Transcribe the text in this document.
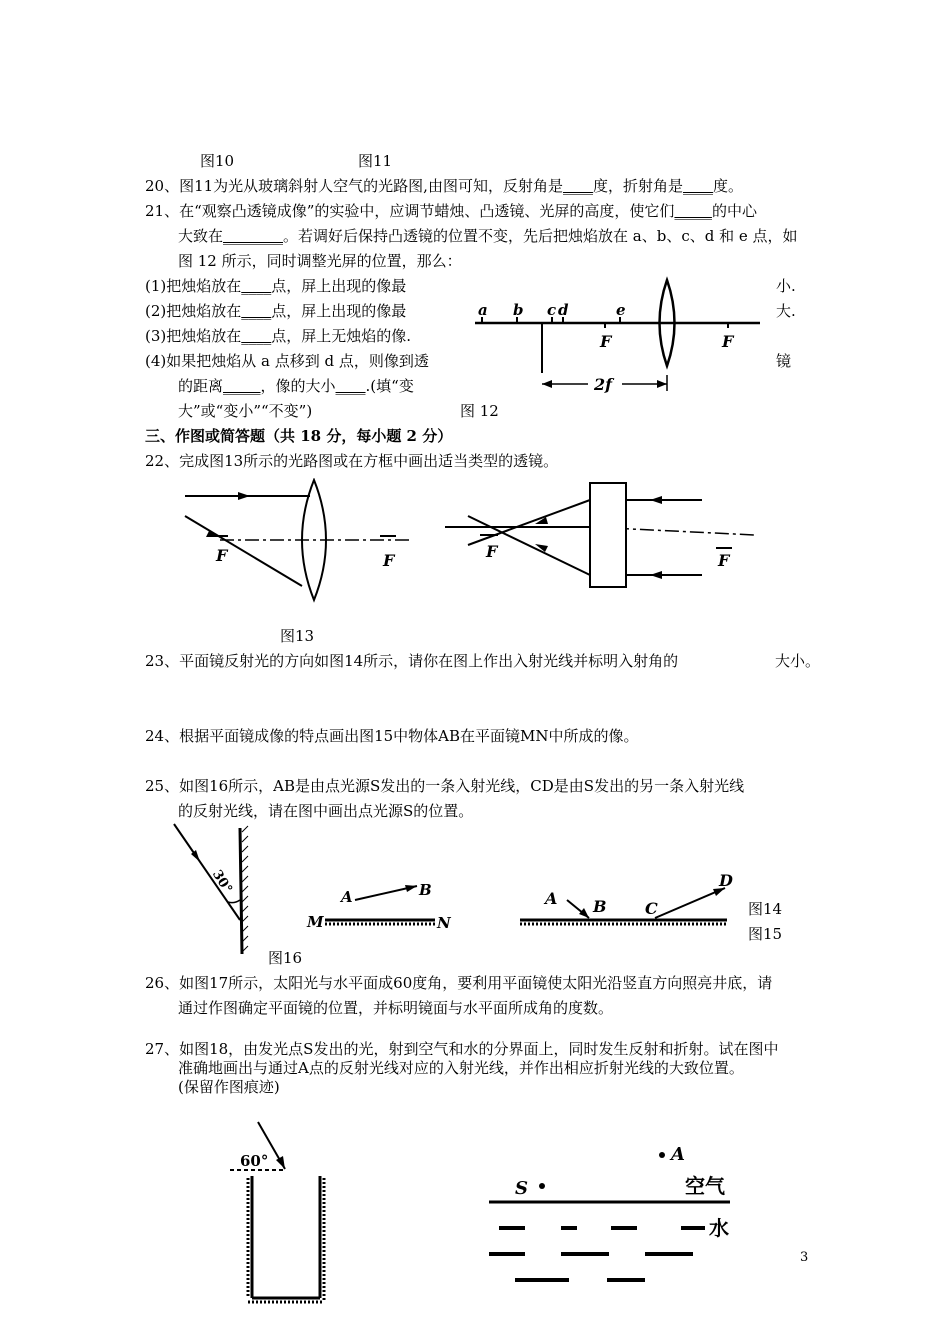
图10	图11
20、图11为光从玻璃斜射人空气的光路图,由图可知，反射角是____度，折射角是____度。
21、在“观察凸透镜成像”的实验中，应调节蜡烛、凸透镜、光屏的高度，使它们_____的中心
大致在________。若调好后保持凸透镜的位置不变，先后把烛焰放在 a、b、c、d 和 e 点，如
图 12 所示，同时调整光屏的位置，那么：
(1)把烛焰放在____点，屏上出现的像最	小.
(2)把烛焰放在____点，屏上出现的像最	大.
(3)把烛焰放在____点，屏上无烛焰的像.
(4)如果把烛焰从 a 点移到 d 点，则像到透	镜
的距离_____，像的大小____.(填“变
大”或“变小”“不变”)	图 12
a b c d	e
F	F
2f
三、作图或简答题（共 18 分，每小题 2 分）
22、完成图13所示的光路图或在方框中画出适当类型的透镜。
F	F	F	F
图13
23、平面镜反射光的方向如图14所示，请你在图上作出入射光线并标明入射角的	大小。
24、根据平面镜成像的特点画出图15中物体AB在平面镜MN中所成的像。
25、如图16所示，AB是由点光源S发出的一条入射光线，CD是由S发出的另一条入射光线
的反射光线，请在图中画出点光源S的位置。
30°
图16
A	B
M	N
A B C
D
图14
图15
26、如图17所示，太阳光与水平面成60度角，要利用平面镜使太阳光沿竖直方向照亮井底，请
通过作图确定平面镜的位置，并标明镜面与水平面所成角的度数。
27、如图18，由发光点S发出的光，射到空气和水的分界面上，同时发生反射和折射。试在图中
准确地画出与通过A点的反射光线对应的入射光线，并作出相应折射光线的大致位置。
(保留作图痕迹)
60°	A
S	空气
水
3
